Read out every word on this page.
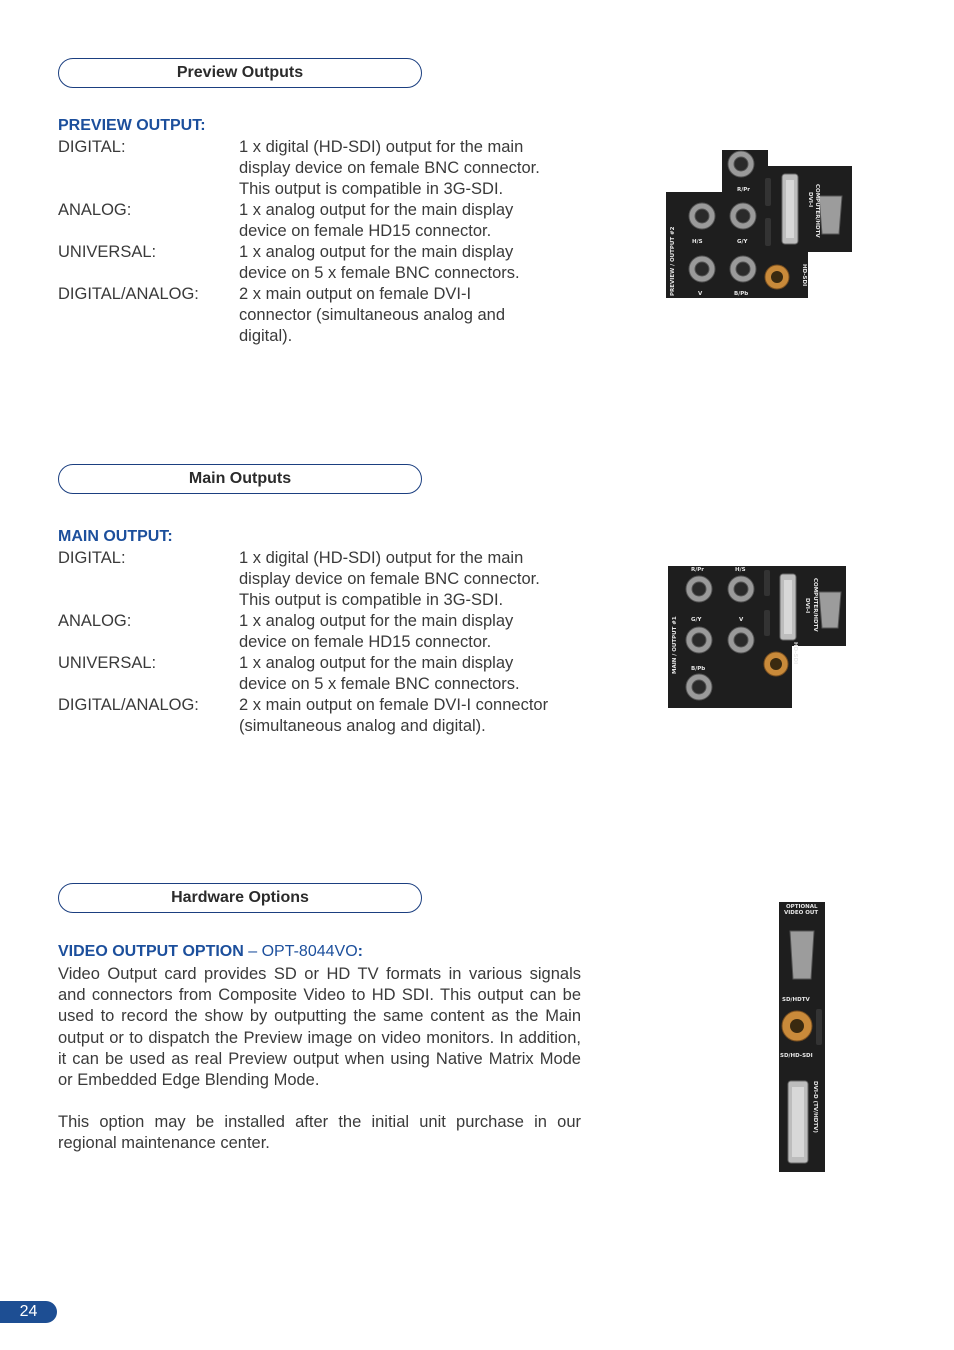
Preview Outputs
PREVIEW OUTPUT:
DIGITAL:	1 x digital (HD-SDI) output for the main
display device on female BNC connector.
This output is compatible in 3G-SDI.
ANALOG:	1 x analog output for the main display
device on female HD15 connector.
UNIVERSAL:	1 x analog output for the main display
device on 5 x female BNC connectors.
DIGITAL/ANALOG:	2 x main output on female DVI-I
connector (simultaneous analog and
digital).
R/Pr
H/S	G/Y
V	B/Pb
PREVIEW / OUTPUT #2
DVI-I COMPUTER/HDTV
HD-SDI
Main Outputs
MAIN OUTPUT:
DIGITAL:	1 x digital (HD-SDI) output for the main
display device on female BNC connector.
This output is compatible in 3G-SDI.
ANALOG:	1 x analog output for the main display
device on female HD15 connector.
UNIVERSAL:	1 x analog output for the main display
device on 5 x female BNC connectors.
DIGITAL/ANALOG:	2 x main output on female DVI-I connector
(simultaneous analog and digital).
R/Pr	H/S
G/Y	V
B/Pb
MAIN / OUTPUT #1
DVI-I COMPUTER/HDTV
HD-SDI
Hardware Options
VIDEO OUTPUT OPTION – OPT-8044VO:
Video Output card provides SD or HD TV formats in various signals and connectors from Composite Video to HD SDI. This output can be used to record the show by outputting the same content as the Main output or to dispatch the Preview image on video monitors. In addition, it can be used as real Preview output when using Native Matrix Mode or Embedded Edge Blending Mode.
This option may be installed after the initial unit purchase in our regional maintenance center.
OPTIONAL
VIDEO OUT
SD/HDTV
SD/HD-SDI
DVI-D (TV/HDTV)
24
